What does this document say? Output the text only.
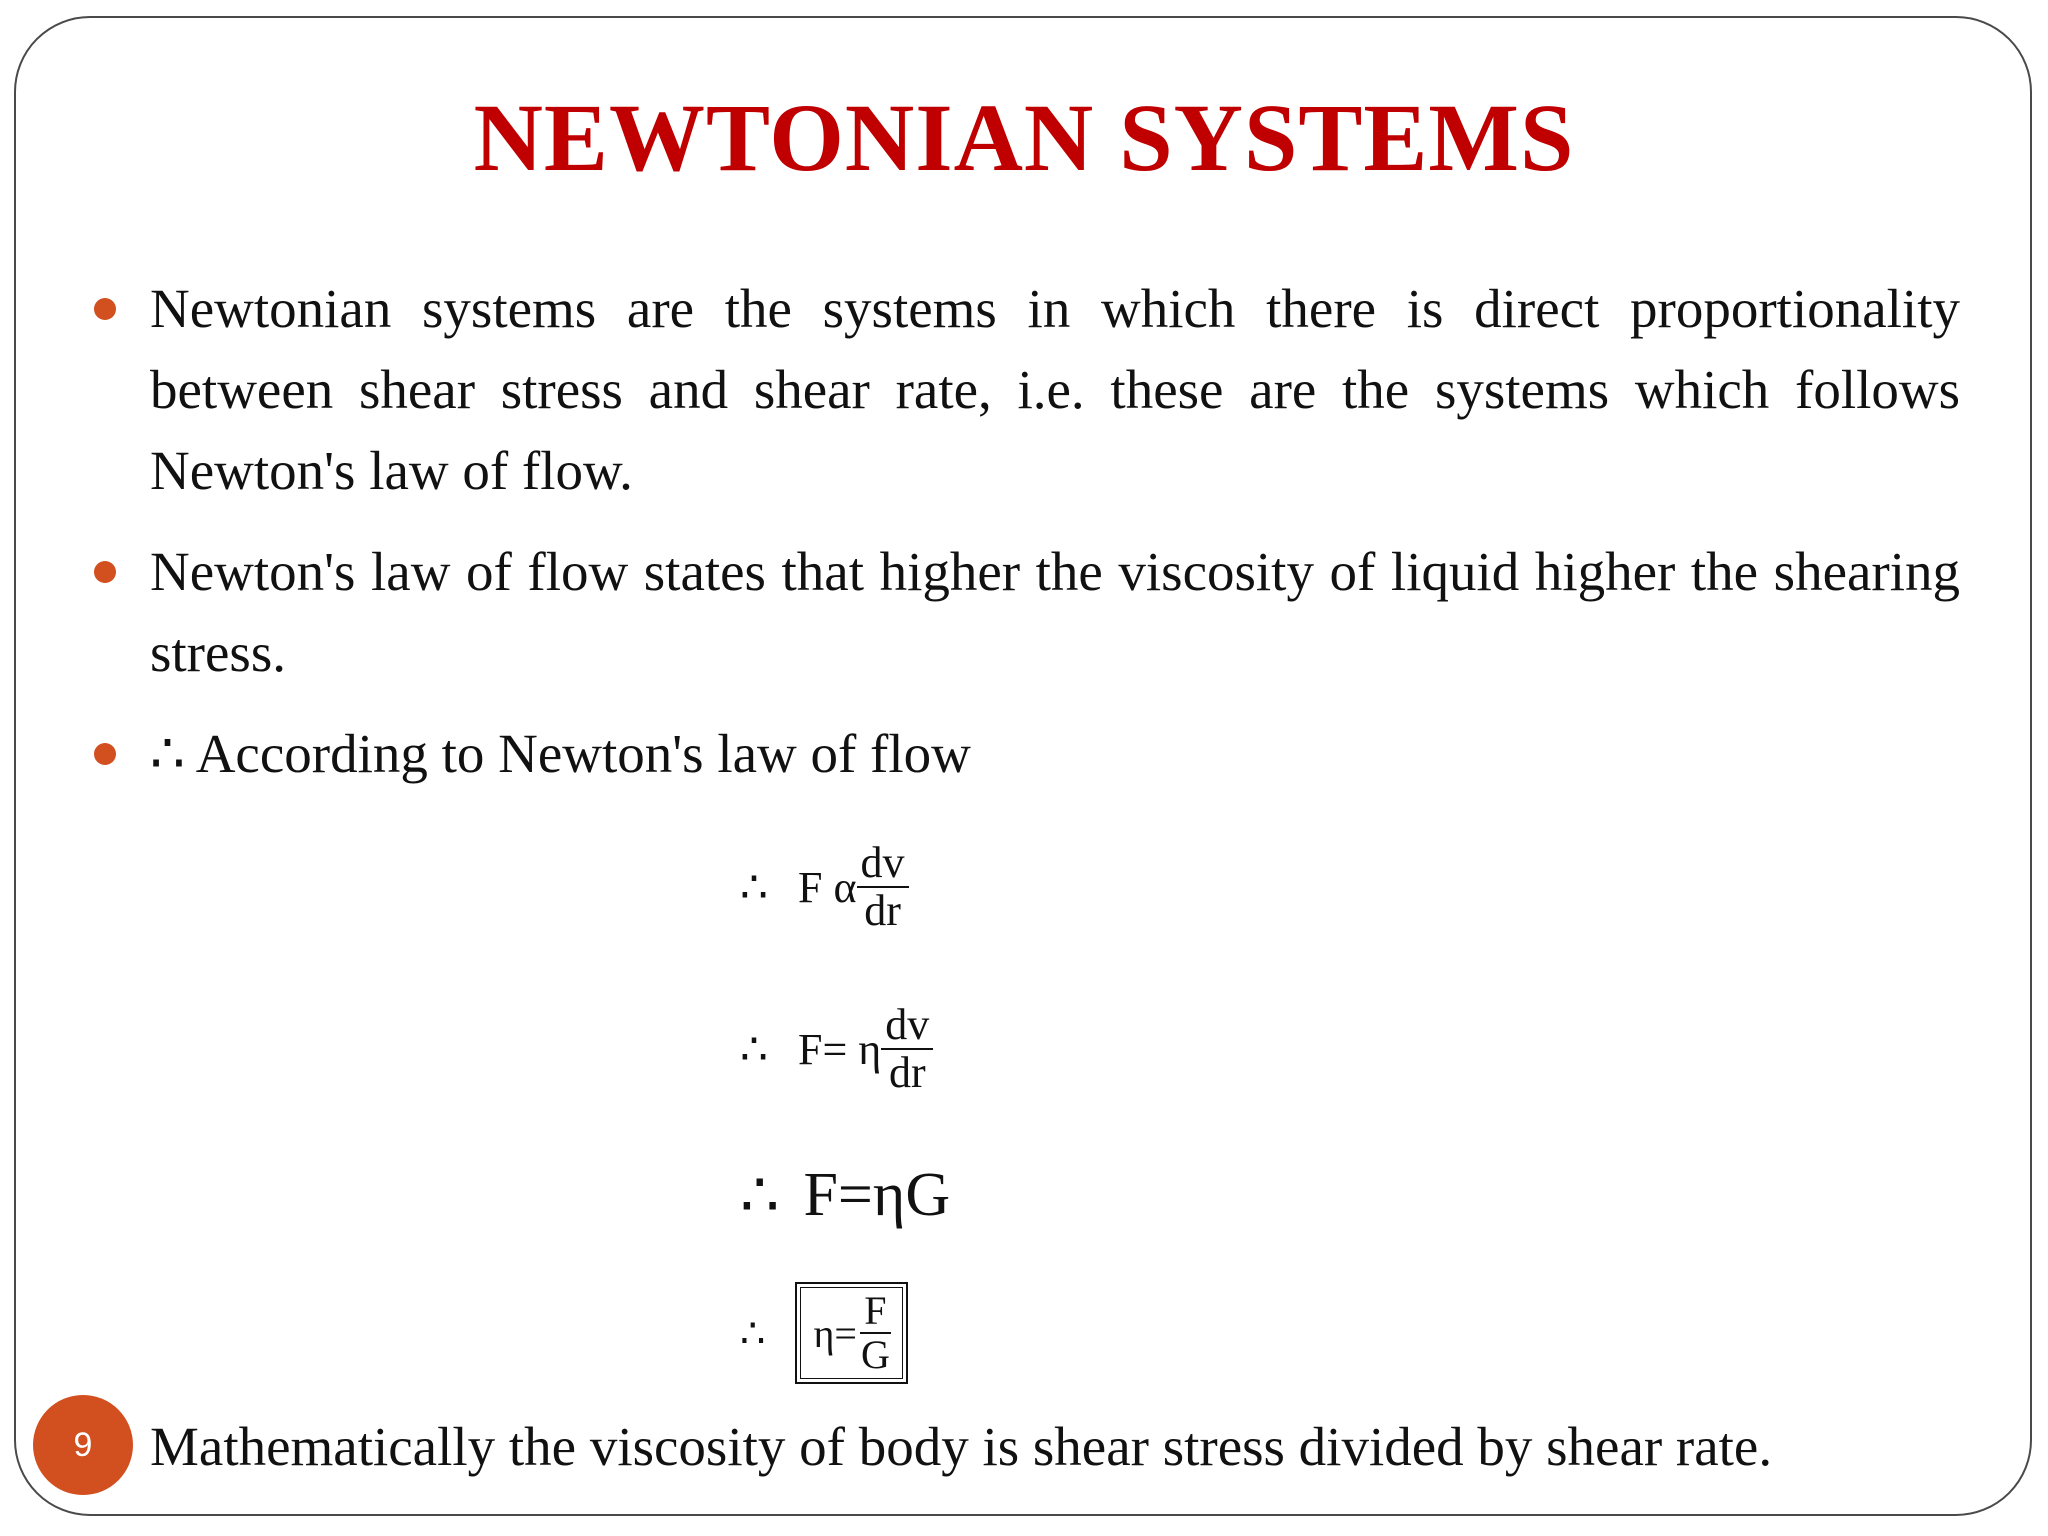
NEWTONIAN SYSTEMS
Newtonian systems are the systems in which there is direct proportionality between shear stress and shear rate, i.e. these are the systems which follows Newton's law of flow.
Newton's law of flow states that higher the viscosity of liquid higher the shearing stress.
∴ According to Newton's law of flow
∴ F α $\frac{dv}{dr}$
∴ F= η $\frac{dv}{dr}$
∴ F=ηG
∴ $\eta= \frac{F}{G}$
9	Mathematically the viscosity of body is shear stress divided by shear rate.
